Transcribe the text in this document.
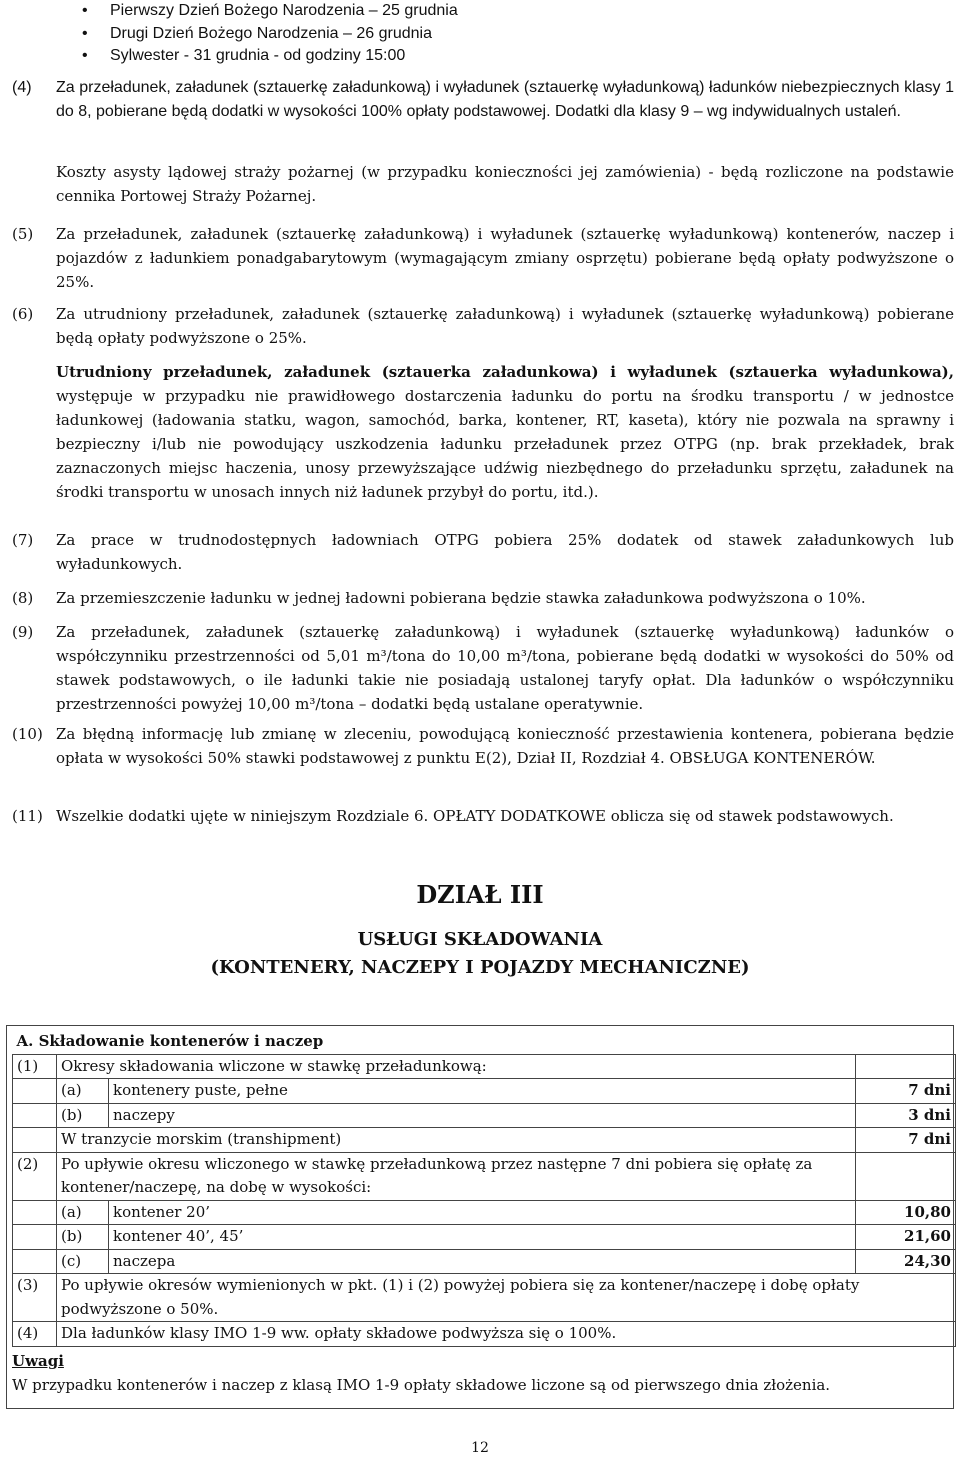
• Pierwszy Dzień Bożego Narodzenia – 25 grudnia
• Drugi Dzień Bożego Narodzenia – 26 grudnia
• Sylwester - 31 grudnia - od godziny 15:00
(4) Za przeładunek, załadunek (sztauerkę załadunkową) i wyładunek (sztauerkę wyładunkową) ładunków niebezpiecznych klasy 1 do 8, pobierane będą dodatki w wysokości 100% opłaty podstawowej. Dodatki dla klasy 9 – wg indywidualnych ustaleń.
Koszty asysty lądowej straży pożarnej (w przypadku konieczności jej zamówienia) - będą rozliczone na podstawie cennika Portowej Straży Pożarnej.
(5) Za przeładunek, załadunek (sztauerkę załadunkową) i wyładunek (sztauerkę wyładunkową) kontenerów, naczep i pojazdów z ładunkiem ponadgabarytowym (wymagającym zmiany osprzętu) pobierane będą opłaty podwyższone o 25%.
(6) Za utrudniony przeładunek, załadunek (sztauerkę załadunkową) i wyładunek (sztauerkę wyładunkową) pobierane będą opłaty podwyższone o 25%.
Utrudniony przeładunek, załadunek (sztauerka załadunkowa) i wyładunek (sztauerka wyładunkowa), występuje w przypadku nie prawidłowego dostarczenia ładunku do portu na środku transportu / w jednostce ładunkowej (ładowania statku, wagon, samochód, barka, kontener, RT, kaseta), który nie pozwala na sprawny i bezpieczny i/lub nie powodujący uszkodzenia ładunku przeładunek przez OTPG (np. brak przekładek, brak zaznaczonych miejsc haczenia, unosy przewyższające udźwig niezbędnego do przeładunku sprzętu, załadunek na środki transportu w unosach innych niż ładunek przybył do portu, itd.).
(7) Za prace w trudnodostępnych ładowniach OTPG pobiera 25% dodatek od stawek załadunkowych lub wyładunkowych.
(8) Za przemieszczenie ładunku w jednej ładowni pobierana będzie stawka załadunkowa podwyższona o 10%.
(9) Za przeładunek, załadunek (sztauerkę załadunkową) i wyładunek (sztauerkę wyładunkową) ładunków o współczynniku przestrzenności od 5,01 m³/tona do 10,00 m³/tona, pobierane będą dodatki w wysokości do 50% od stawek podstawowych, o ile ładunki takie nie posiadają ustalonej taryfy opłat. Dla ładunków o współczynniku przestrzenności powyżej 10,00 m³/tona – dodatki będą ustalane operatywnie.
(10) Za błędną informację lub zmianę w zleceniu, powodującą konieczność przestawienia kontenera, pobierana będzie opłata w wysokości 50% stawki podstawowej z punktu E(2), Dział II, Rozdział 4. OBSŁUGA KONTENERÓW.
(11) Wszelkie dodatki ujęte w niniejszym Rozdziale 6. OPŁATY DODATKOWE oblicza się od stawek podstawowych.
DZIAŁ III
USŁUGI SKŁADOWANIA
(KONTENERY, NACZEPY I POJAZDY MECHANICZNE)
A. Składowanie kontenerów i naczep			
(1)	Okresy składowania wliczone w stawkę przeładunkową:		
	(a)	kontenery puste, pełne	7 dni
	(b)	naczepy	3 dni
	W tranzycie morskim (transhipment)		7 dni
(2)	Po upływie okresu wliczonego w stawkę przeładunkową przez następne 7 dni pobiera się opłatę za kontener/naczepę, na dobę w wysokości:		
	(a)	kontener 20’	10,80
	(b)	kontener 40’, 45’	21,60
	(c)	naczepa	24,30
(3)	Po upływie okresów wymienionych w pkt. (1) i (2) powyżej pobiera się za kontener/naczepę i dobę opłaty podwyższone o 50%.		
(4)	Dla ładunków klasy IMO 1-9 ww. opłaty składowe podwyższa się o 100%.		
Uwagi
W przypadku kontenerów i naczep z klasą IMO 1-9 opłaty składowe liczone są od pierwszego dnia złożenia.
12
